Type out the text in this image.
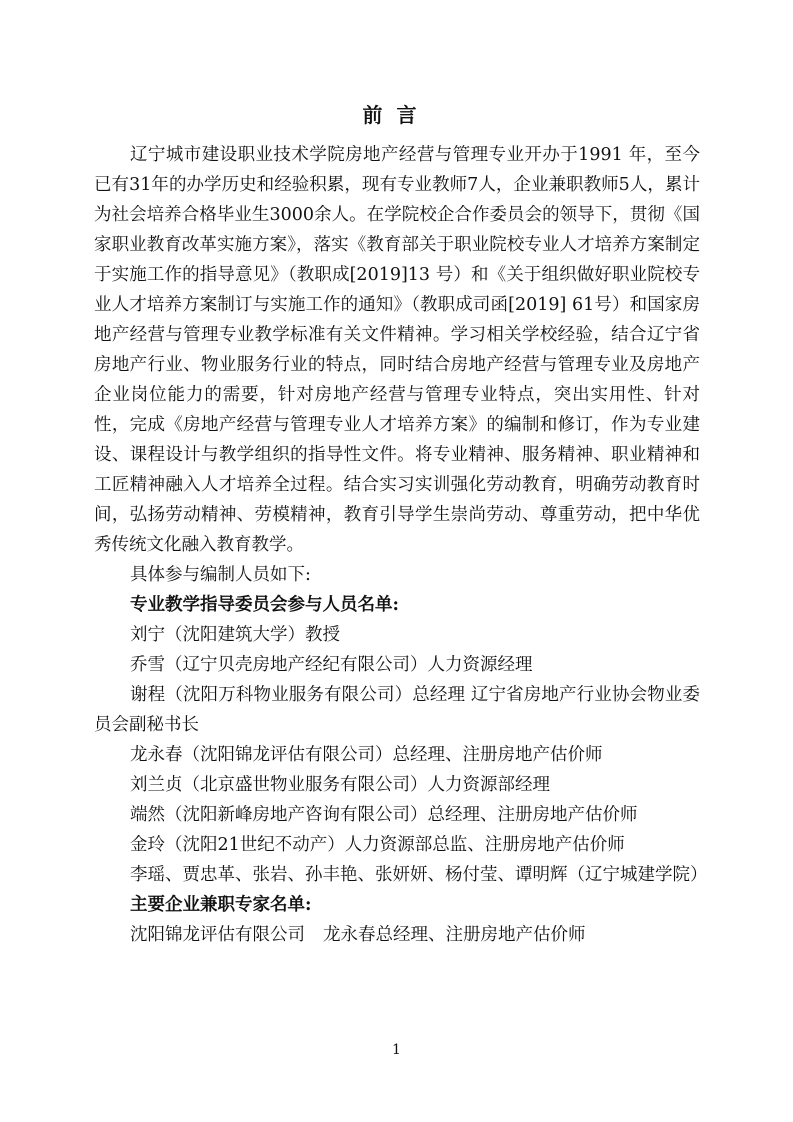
前言

辽宁城市建设职业技术学院房地产经营与管理专业开办于1991 年，至今已有31年的办学历史和经验积累，现有专业教师7人，企业兼职教师5人，累计为社会培养合格毕业生3000余人。在学院校企合作委员会的领导下，贯彻《国家职业教育改革实施方案》，落实《教育部关于职业院校专业人才培养方案制定于实施工作的指导意见》（教职成[2019]13 号）和《关于组织做好职业院校专业人才培养方案制订与实施工作的通知》（教职成司函[2019] 61号）和国家房地产经营与管理专业教学标准有关文件精神。学习相关学校经验，结合辽宁省房地产行业、物业服务行业的特点，同时结合房地产经营与管理专业及房地产企业岗位能力的需要，针对房地产经营与管理专业特点，突出实用性、针对性，完成《房地产经营与管理专业人才培养方案》的编制和修订，作为专业建设、课程设计与教学组织的指导性文件。将专业精神、服务精神、职业精神和工匠精神融入人才培养全过程。结合实习实训强化劳动教育，明确劳动教育时间，弘扬劳动精神、劳模精神，教育引导学生崇尚劳动、尊重劳动，把中华优秀传统文化融入教育教学。

具体参与编制人员如下:

专业教学指导委员会参与人员名单:

刘宁（沈阳建筑大学）教授

乔雪（辽宁贝壳房地产经纪有限公司）人力资源经理

谢程（沈阳万科物业服务有限公司）总经理 辽宁省房地产行业协会物业委员会副秘书长

龙永春（沈阳锦龙评估有限公司）总经理、注册房地产估价师

刘兰贞（北京盛世物业服务有限公司）人力资源部经理

端然（沈阳新峰房地产咨询有限公司）总经理、注册房地产估价师

金玲（沈阳21世纪不动产）人力资源部总监、注册房地产估价师

李瑶、贾忠革、张岩、孙丰艳、张妍妍、杨付莹、谭明辉（辽宁城建学院）

主要企业兼职专家名单:

沈阳锦龙评估有限公司 龙永春总经理、注册房地产估价师

1
